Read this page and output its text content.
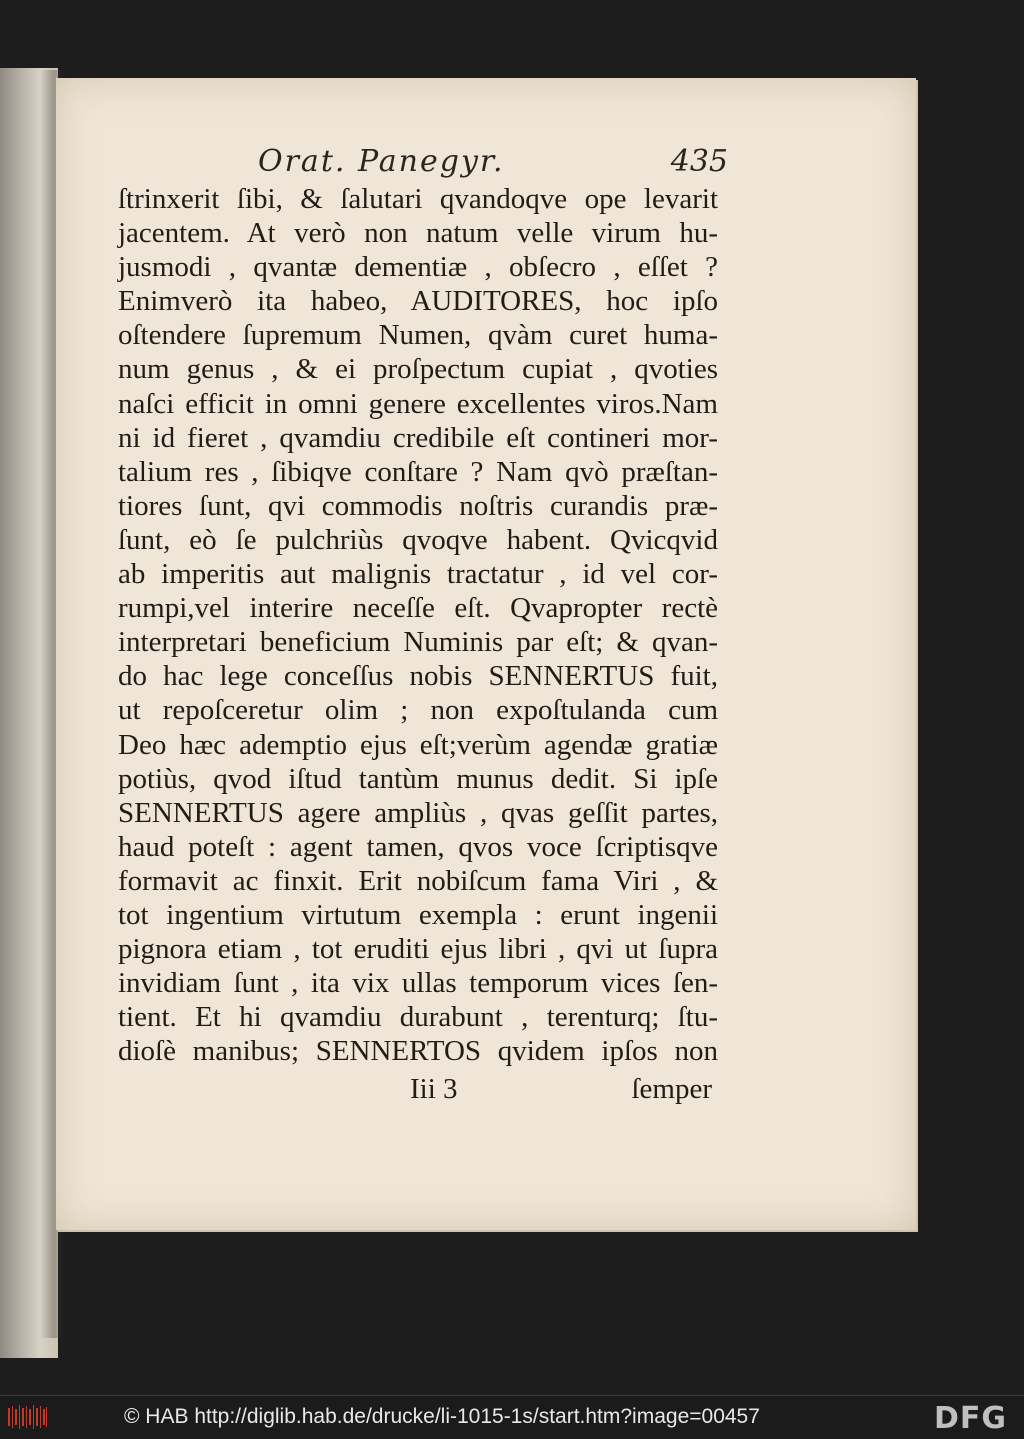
Orat. Panegyr.	435
ſtrinxerit ſibi, & ſalutari qvandoqve ope levarit
jacentem. At verò non natum velle virum hu-
jusmodi , qvantæ dementiæ , obſecro , eſſet ?
Enimverò ita habeo, AUDITORES, hoc ipſo
oſtendere ſupremum Numen, qvàm curet huma-
num genus , & ei proſpectum cupiat , qvoties
naſci efficit in omni genere excellentes viros.Nam
ni id fieret , qvamdiu credibile eſt contineri mor-
talium res , ſibiqve conſtare ? Nam qvò præſtan-
tiores ſunt, qvi commodis noſtris curandis præ-
ſunt, eò ſe pulchriùs qvoqve habent. Qvicqvid
ab imperitis aut malignis tractatur , id vel cor-
rumpi,vel interire neceſſe eſt. Qvapropter rectè
interpretari beneficium Numinis par eſt; & qvan-
do hac lege conceſſus nobis SENNERTUS fuit,
ut repoſceretur olim ; non expoſtulanda cum
Deo hæc ademptio ejus eſt;verùm agendæ gratiæ
potiùs, qvod iſtud tantùm munus dedit. Si ipſe
SENNERTUS agere ampliùs , qvas geſſit partes,
haud poteſt : agent tamen, qvos voce ſcriptisqve
formavit ac finxit. Erit nobiſcum fama Viri , &
tot ingentium virtutum exempla : erunt ingenii
pignora etiam , tot eruditi ejus libri , qvi ut ſupra
invidiam ſunt , ita vix ullas temporum vices ſen-
tient. Et hi qvamdiu durabunt , terenturq; ſtu-
dioſè manibus; SENNERTOS qvidem ipſos non
Iii 3	ſemper
© HAB http://diglib.hab.de/drucke/li-1015-1s/start.htm?image=00457	DFG
